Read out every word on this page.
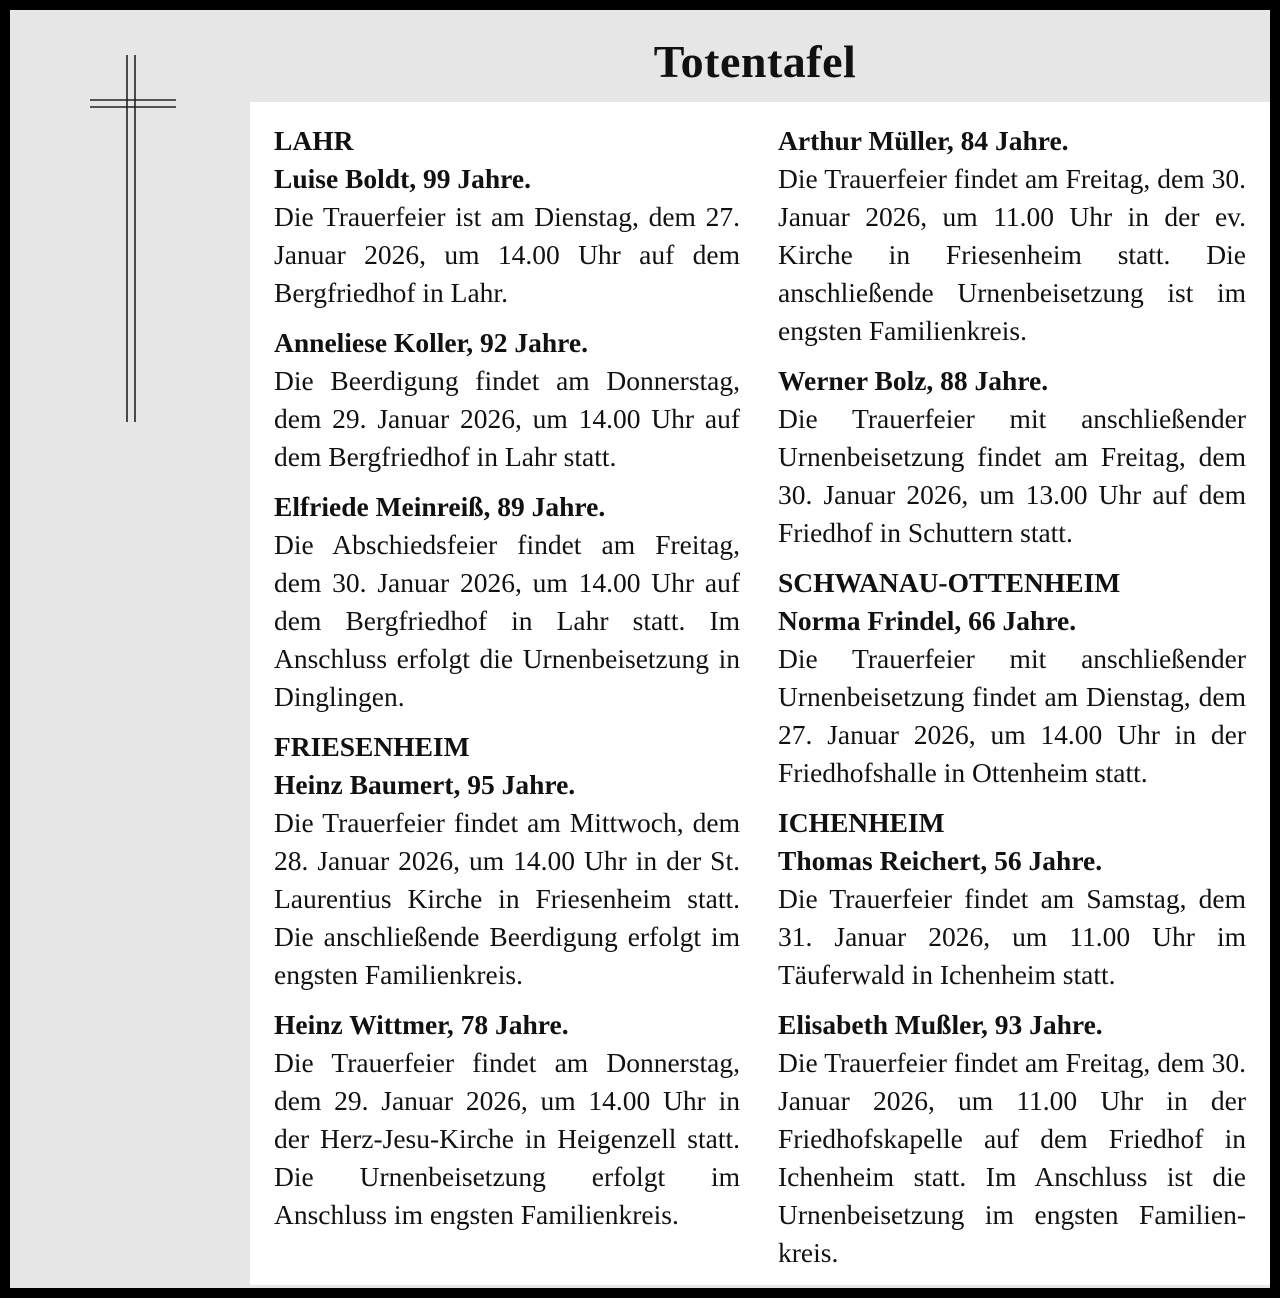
Totentafel

LAHR

Luise Boldt, 99 Jahre.

Die Trauerfeier ist am Dienstag, dem 27. Januar 2026, um 14.00 Uhr auf dem Bergfriedhof in Lahr.

Anneliese Koller, 92 Jahre.

Die Beerdigung findet am Donnerstag, dem 29. Januar 2026, um 14.00 Uhr auf dem Bergfriedhof in Lahr statt.

Elfriede Meinreiß, 89 Jahre.

Die Abschiedsfeier findet am Freitag, dem 30. Januar 2026, um 14.00 Uhr auf dem Bergfriedhof in Lahr statt. Im Anschluss erfolgt die Urnenbeisetzung in Dinglingen.

FRIESENHEIM

Heinz Baumert, 95 Jahre.

Die Trauerfeier findet am Mittwoch, dem 28. Januar 2026, um 14.00 Uhr in der St. Laurentius Kirche in Friesenheim statt. Die anschließende Beerdigung erfolgt im engsten Familienkreis.

Heinz Wittmer, 78 Jahre.

Die Trauerfeier findet am Donnerstag, dem 29. Januar 2026, um 14.00 Uhr in der Herz-Jesu-Kirche in Heigenzell statt. Die Urnenbeisetzung erfolgt im Anschluss im engsten Familienkreis.

Arthur Müller, 84 Jahre.

Die Trauerfeier findet am Freitag, dem 30. Januar 2026, um 11.00 Uhr in der ev. Kirche in Friesenheim statt. Die anschließende Urnenbeisetzung ist im engsten Familienkreis.

Werner Bolz, 88 Jahre.

Die Trauerfeier mit anschließender Urnenbeisetzung findet am Freitag, dem 30. Januar 2026, um 13.00 Uhr auf dem Friedhof in Schuttern statt.

SCHWANAU-OTTENHEIM

Norma Frindel, 66 Jahre.

Die Trauerfeier mit anschließender Urnenbeisetzung findet am Dienstag, dem 27. Januar 2026, um 14.00 Uhr in der Friedhofshalle in Ottenheim statt.

ICHENHEIM

Thomas Reichert, 56 Jahre.

Die Trauerfeier findet am Samstag, dem 31. Januar 2026, um 11.00 Uhr im Täuferwald in Ichenheim statt.

Elisabeth Mußler, 93 Jahre.

Die Trauerfeier findet am Freitag, dem 30. Januar 2026, um 11.00 Uhr in der Friedhofskapelle auf dem Friedhof in Ichenheim statt. Im Anschluss ist die Urnenbeisetzung im engsten Familien-kreis.
